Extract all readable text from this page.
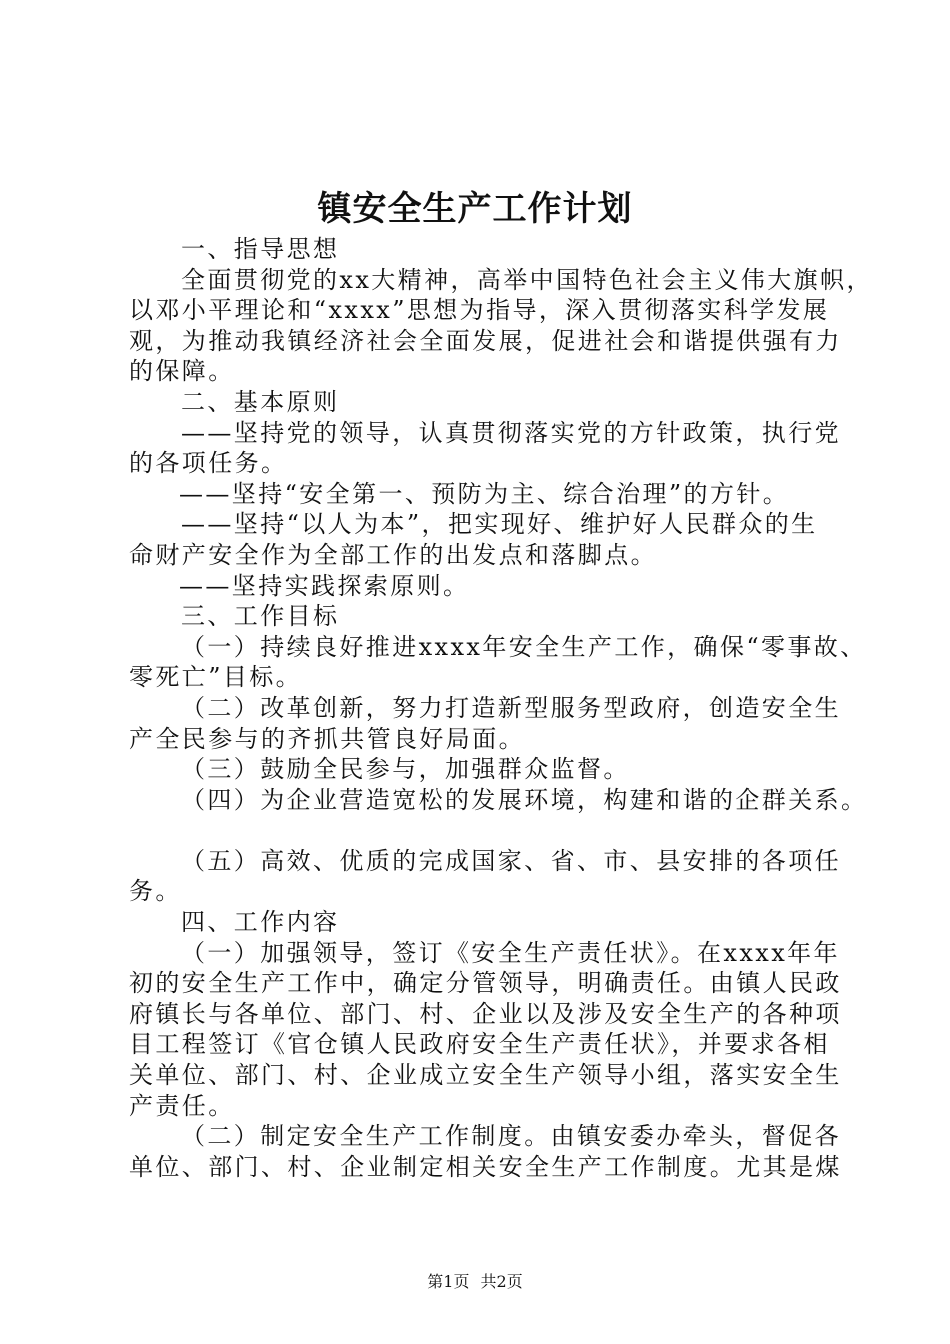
镇安全生产工作计划
一、指导思想
全面贯彻党的xx大精神，高举中国特色社会主义伟大旗帜，
以邓小平理论和“xxxx”思想为指导，深入贯彻落实科学发展
观，为推动我镇经济社会全面发展，促进社会和谐提供强有力
的保障。
二、基本原则
——坚持党的领导，认真贯彻落实党的方针政策，执行党
的各项任务。
——坚持“安全第一、预防为主、综合治理”的方针。
——坚持“以人为本”，把实现好、维护好人民群众的生
命财产安全作为全部工作的出发点和落脚点。
——坚持实践探索原则。
三、工作目标
（一）持续良好推进xxxx年安全生产工作，确保“零事故、
零死亡”目标。
（二）改革创新，努力打造新型服务型政府，创造安全生
产全民参与的齐抓共管良好局面。
（三）鼓励全民参与，加强群众监督。
（四）为企业营造宽松的发展环境，构建和谐的企群关系。
（五）高效、优质的完成国家、省、市、县安排的各项任
务。
四、工作内容
（一）加强领导，签订《安全生产责任状》。在xxxx年年
初的安全生产工作中，确定分管领导，明确责任。由镇人民政
府镇长与各单位、部门、村、企业以及涉及安全生产的各种项
目工程签订《官仓镇人民政府安全生产责任状》，并要求各相
关单位、部门、村、企业成立安全生产领导小组，落实安全生
产责任。
（二）制定安全生产工作制度。由镇安委办牵头，督促各
单位、部门、村、企业制定相关安全生产工作制度。尤其是煤
第1页 共2页
